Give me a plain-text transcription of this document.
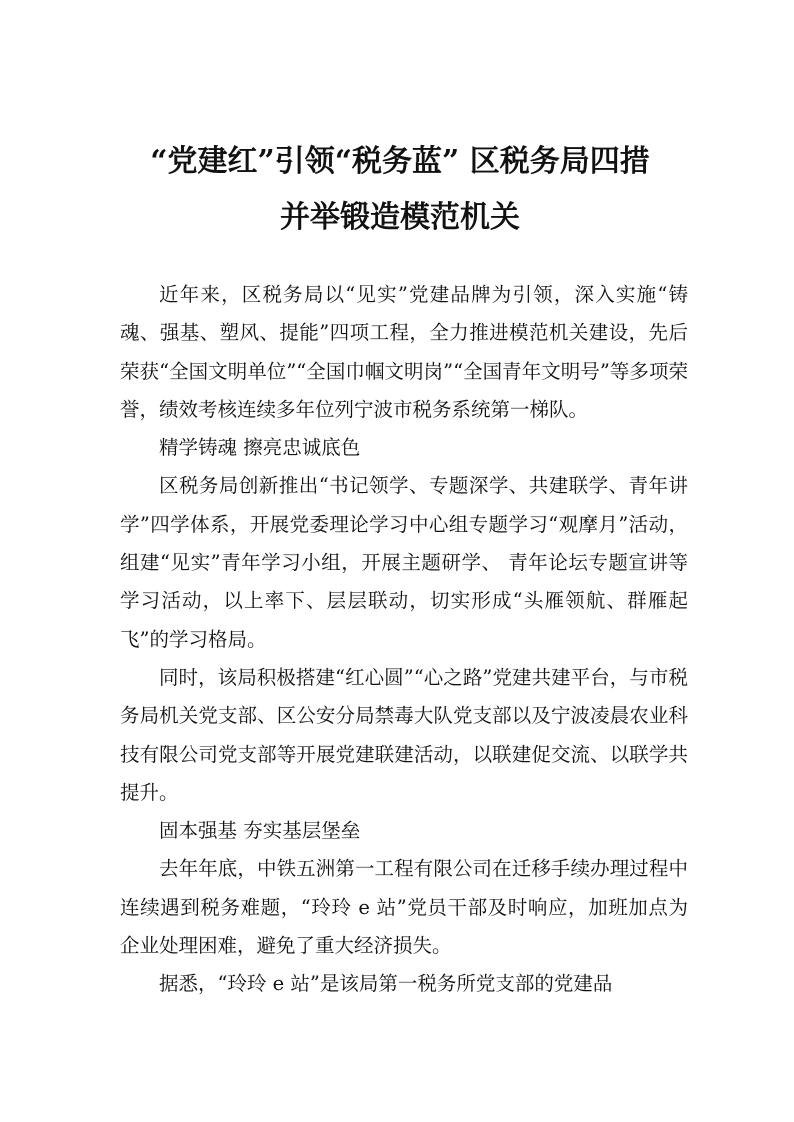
“党建红”引领“税务蓝” 区税务局四措
并举锻造模范机关

近年来，区税务局以“见实”党建品牌为引领，深入实施“铸魂、强基、塑风、提能”四项工程，全力推进模范机关建设，先后荣获“全国文明单位”“全国巾帼文明岗”“全国青年文明号”等多项荣誉，绩效考核连续多年位列宁波市税务系统第一梯队。

精学铸魂 擦亮忠诚底色

区税务局创新推出“书记领学、专题深学、共建联学、青年讲学”四学体系，开展党委理论学习中心组专题学习“观摩月”活动，组建“见实”青年学习小组，开展主题研学、 青年论坛专题宣讲等学习活动，以上率下、层层联动，切实形成“头雁领航、群雁起飞”的学习格局。

同时，该局积极搭建“红心圆”“心之路”党建共建平台，与市税务局机关党支部、区公安分局禁毒大队党支部以及宁波凌晨农业科技有限公司党支部等开展党建联建活动，以联建促交流、以联学共提升。

固本强基 夯实基层堡垒

去年年底，中铁五洲第一工程有限公司在迁移手续办理过程中连续遇到税务难题，“玲玲 e 站”党员干部及时响应，加班加点为企业处理困难，避免了重大经济损失。

据悉，“玲玲 e 站”是该局第一税务所党支部的党建品
